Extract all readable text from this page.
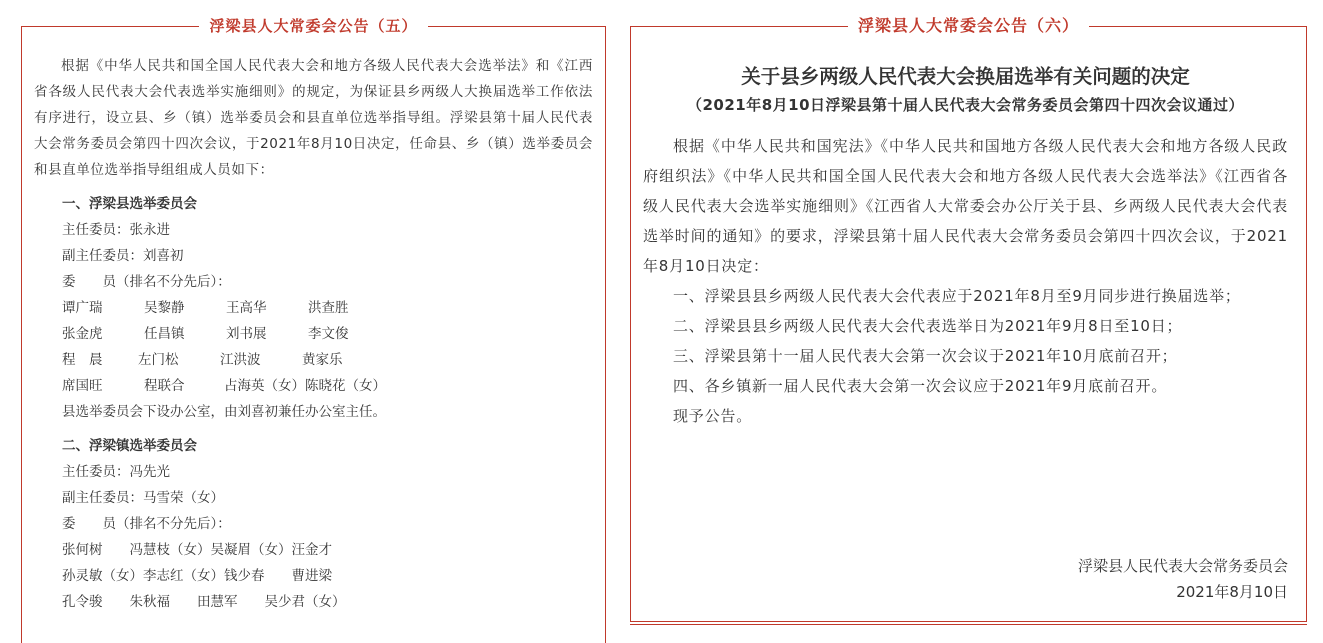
浮梁县人大常委会公告（五）

根据《中华人民共和国全国人民代表大会和地方各级人民代表大会选举法》和《江西省各级人民代表大会代表选举实施细则》的规定，为保证县乡两级人大换届选举工作依法有序进行，设立县、乡（镇）选举委员会和县直单位选举指导组。浮梁县第十届人民代表大会常务委员会第四十四次会议，于2021年8月10日决定，任命县、乡（镇）选举委员会和县直单位选举指导组组成人员如下：

一、浮梁县选举委员会

主任委员：张永进

副主任委员：刘喜初

委　　员（排名不分先后）：

谭广瑞	吴黎静	王高华	洪查胜

张金虎	任昌镇	刘书展	李文俊

程　晨	左门松	江洪波	黄家乐

席国旺	程联合	占海英（女）陈晓花（女）

县选举委员会下设办公室，由刘喜初兼任办公室主任。

二、浮梁镇选举委员会

主任委员：冯先光

副主任委员：马雪荣（女）

委　　员（排名不分先后）：

张何树　　冯慧枝（女）吴凝眉（女）汪金才

孙灵敏（女）李志红（女）钱少春　　曹进梁

孔令骏　　朱秋福　　田慧军　　吴少君（女）

浮梁县人大常委会公告（六）

关于县乡两级人民代表大会换届选举有关问题的决定

（2021年8月10日浮梁县第十届人民代表大会常务委员会第四十四次会议通过）

根据《中华人民共和国宪法》《中华人民共和国地方各级人民代表大会和地方各级人民政府组织法》《中华人民共和国全国人民代表大会和地方各级人民代表大会选举法》《江西省各级人民代表大会选举实施细则》《江西省人大常委会办公厅关于县、乡两级人民代表大会代表选举时间的通知》的要求，浮梁县第十届人民代表大会常务委员会第四十四次会议，于2021年8月10日决定：

一、浮梁县县乡两级人民代表大会代表应于2021年8月至9月同步进行换届选举；

二、浮梁县县乡两级人民代表大会代表选举日为2021年9月8日至10日；

三、浮梁县第十一届人民代表大会第一次会议于2021年10月底前召开；

四、各乡镇新一届人民代表大会第一次会议应于2021年9月底前召开。

现予公告。

浮梁县人民代表大会常务委员会
2021年8月10日
